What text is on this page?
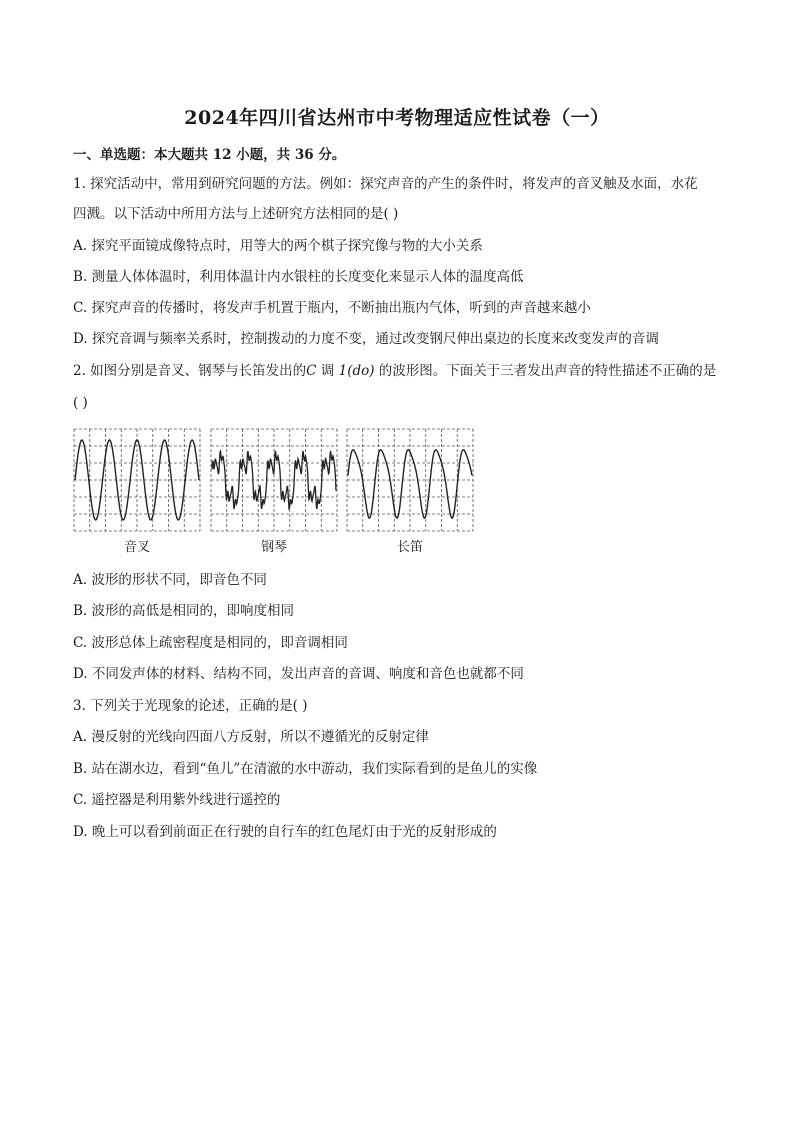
2024年四川省达州市中考物理适应性试卷（一）
一、单选题：本大题共 12 小题，共 36 分。
1. 探究活动中，常用到研究问题的方法。例如：探究声音的产生的条件时，将发声的音叉触及水面，水花
四溅。以下活动中所用方法与上述研究方法相同的是( )
A. 探究平面镜成像特点时，用等大的两个棋子探究像与物的大小关系
B. 测量人体体温时，利用体温计内水银柱的长度变化来显示人体的温度高低
C. 探究声音的传播时，将发声手机置于瓶内，不断抽出瓶内气体，听到的声音越来越小
D. 探究音调与频率关系时，控制拨动的力度不变，通过改变钢尺伸出桌边的长度来改变发声的音调
2. 如图分别是音叉、钢琴与长笛发出的C 调 1(do) 的波形图。下面关于三者发出声音的特性描述不正确的是
( )
音叉	钢琴	长笛
A. 波形的形状不同，即音色不同
B. 波形的高低是相同的，即响度相同
C. 波形总体上疏密程度是相同的，即音调相同
D. 不同发声体的材料、结构不同，发出声音的音调、响度和音色也就都不同
3. 下列关于光现象的论述，正确的是( )
A. 漫反射的光线向四面八方反射，所以不遵循光的反射定律
B. 站在湖水边，看到“鱼儿”在清澈的水中游动，我们实际看到的是鱼儿的实像
C. 遥控器是利用紫外线进行遥控的
D. 晚上可以看到前面正在行驶的自行车的红色尾灯由于光的反射形成的
